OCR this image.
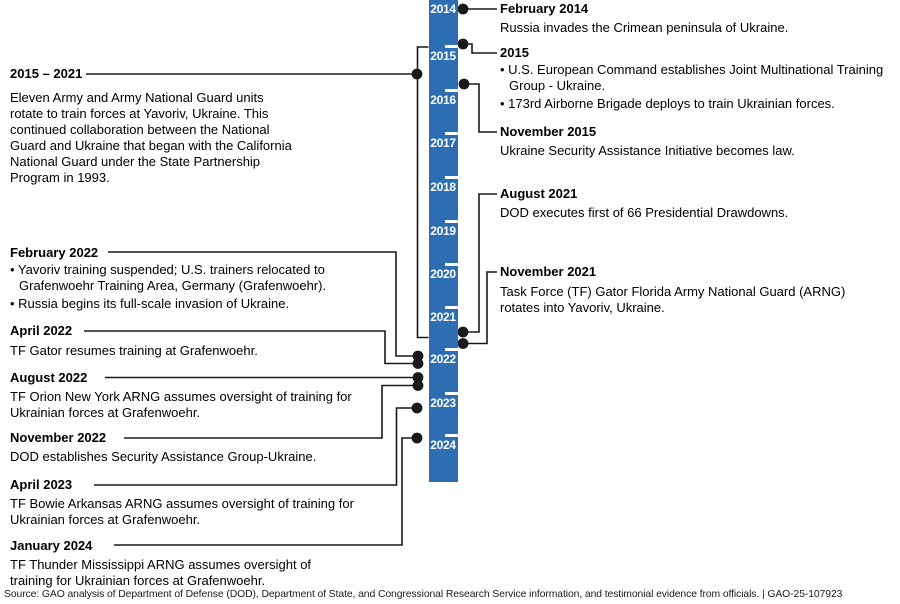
2014
2015
2016
2017
2018
2019
2020
2021
2022
2023
2024
2015 – 2021
Eleven Army and Army National Guard units
rotate to train forces at Yavoriv, Ukraine. This
continued collaboration between the National
Guard and Ukraine that began with the California
National Guard under the State Partnership
Program in 1993.
February 2022
• Yavoriv training suspended; U.S. trainers relocated to
Grafenwoehr Training Area, Germany (Grafenwoehr).
• Russia begins its full-scale invasion of Ukraine.
April 2022
TF Gator resumes training at Grafenwoehr.
August 2022
TF Orion New York ARNG assumes oversight of training for
Ukrainian forces at Grafenwoehr.
November 2022
DOD establishes Security Assistance Group-Ukraine.
April 2023
TF Bowie Arkansas ARNG assumes oversight of training for
Ukrainian forces at Grafenwoehr.
January 2024
TF Thunder Mississippi ARNG assumes oversight of
training for Ukrainian forces at Grafenwoehr.
February 2014
Russia invades the Crimean peninsula of Ukraine.
2015
• U.S. European Command establishes Joint Multinational Training
Group - Ukraine.
• 173rd Airborne Brigade deploys to train Ukrainian forces.
November 2015
Ukraine Security Assistance Initiative becomes law.
August 2021
DOD executes first of 66 Presidential Drawdowns.
November 2021
Task Force (TF) Gator Florida Army National Guard (ARNG)
rotates into Yavoriv, Ukraine.
Source: GAO analysis of Department of Defense (DOD), Department of State, and Congressional Research Service information, and testimonial evidence from officials. | GAO-25-107923
